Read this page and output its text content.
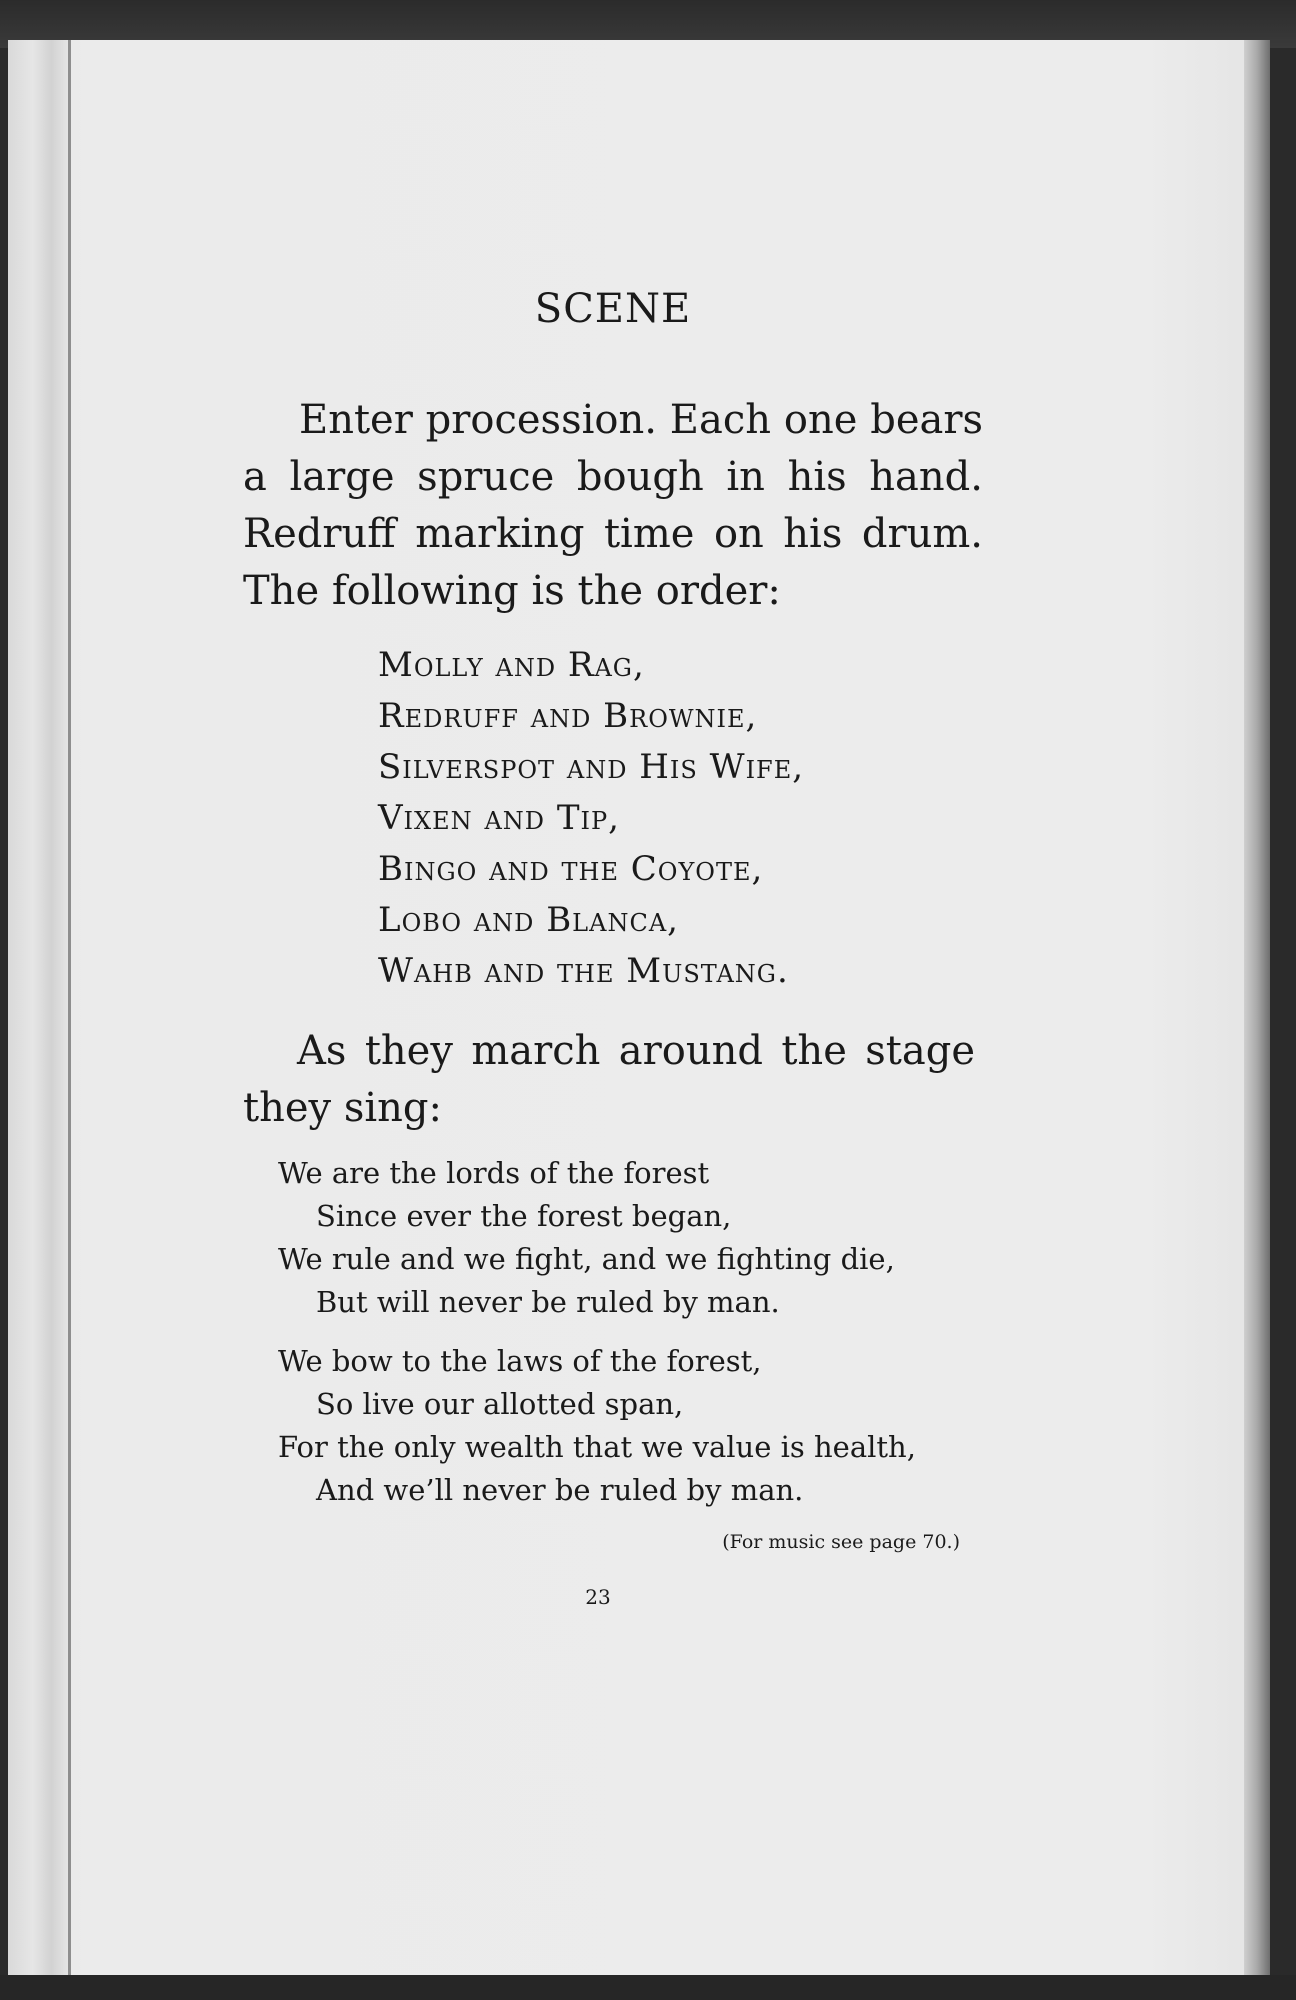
SCENE
Enter procession. Each one bears
a large spruce bough in his hand.
Redruff marking time on his drum.
The following is the order:
Molly and Rag,
Redruff and Brownie,
Silverspot and His Wife,
Vixen and Tip,
Bingo and the Coyote,
Lobo and Blanca,
Wahb and the Mustang.
As they march around the stage
they sing:
We are the lords of the forest
Since ever the forest began,
We rule and we fight, and we fighting die,
But will never be ruled by man.
We bow to the laws of the forest,
So live our allotted span,
For the only wealth that we value is health,
And we’ll never be ruled by man.
(For music see page 70.)
23
